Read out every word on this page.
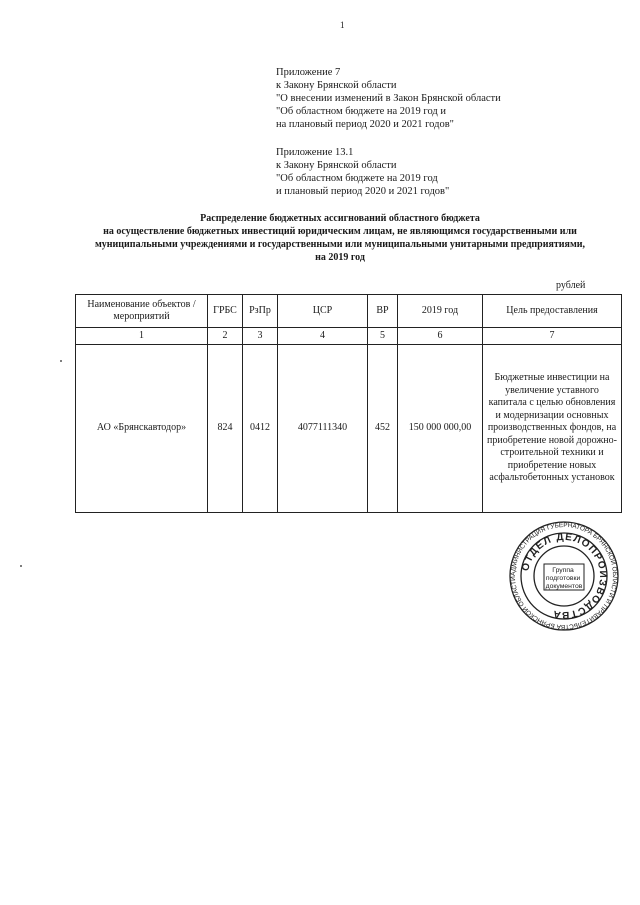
1
Приложение 7
к Закону Брянской области
"О внесении изменений в Закон Брянской области
"Об областном бюджете на 2019 год и
на плановый период 2020 и 2021 годов"
Приложение 13.1
к Закону Брянской области
"Об областном бюджете на 2019 год
и плановый период 2020 и 2021 годов"
Распределение бюджетных ассигнований областного бюджета
на осуществление бюджетных инвестиций юридическим лицам, не являющимся государственными или
муниципальными учреждениями и государственными или муниципальными унитарными предприятиями,
на 2019 год
рублей
Наименование объектов / мероприятий	ГРБС	РзПр	ЦСР	ВР	2019 год	Цель предоставления
1	2	3	4	5	6	7
АО «Брянскавтодор»	824	0412	4077111340	452	150 000 000,00	Бюджетные инвестиции на увеличение уставного капитала с целью обновления и модернизации основных производственных фондов, на приобретение новой дорожно-строительной техники и приобретение новых асфальтобетонных установок
АДМИНИСТРАЦИЯ ГУБЕРНАТОРА БРЯНСКОЙ ОБЛАСТИ И ПРАВИТЕЛЬСТВА БРЯНСКОЙ ОБЛАСТИ
ОТДЕЛ ДЕЛОПРОИЗВОДСТВА
Группа подготовки документов
